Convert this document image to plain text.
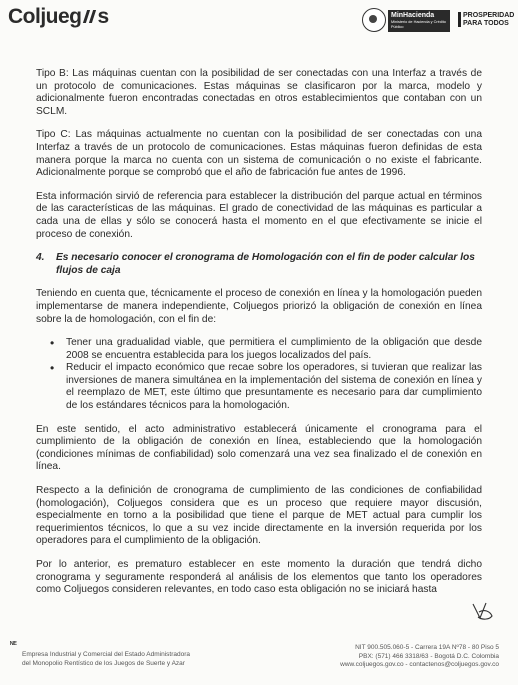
Coljueg s	MinHacienda
Ministerio de Hacienda y Crédito Público
PROSPERIDAD
PARA TODOS

Tipo B: Las máquinas cuentan con la posibilidad de ser conectadas con una Interfaz a través de un protocolo de comunicaciones. Estas máquinas se clasificaron por la marca, modelo y adicionalmente fueron encontradas conectadas en otros establecimientos que contaban con un SCLM.

Tipo C: Las máquinas actualmente no cuentan con la posibilidad de ser conectadas con una Interfaz a través de un protocolo de comunicaciones. Estas máquinas fueron definidas de esta manera porque la marca no cuenta con un sistema de comunicación o no existe el fabricante. Adicionalmente porque se comprobó que el año de fabricación fue antes de 1996.

Esta información sirvió de referencia para establecer la distribución del parque actual en términos de las características de las máquinas. El grado de conectividad de las máquinas es particular a cada una de ellas y sólo se conocerá hasta el momento en el que efectivamente se inicie el proceso de conexión.

4.	Es necesario conocer el cronograma de Homologación con el fin de poder calcular los flujos de caja

Teniendo en cuenta que, técnicamente el proceso de conexión en línea y la homologación pueden implementarse de manera independiente, Coljuegos priorizó la obligación de conexión en línea sobre la de homologación, con el fin de:

• Tener una gradualidad viable, que permitiera el cumplimiento de la obligación que desde 2008 se encuentra establecida para los juegos localizados del país.
• Reducir el impacto económico que recae sobre los operadores, si tuvieran que realizar las inversiones de manera simultánea en la implementación del sistema de conexión en línea y el reemplazo de MET, este último que presuntamente es necesario para dar cumplimiento de los estándares técnicos para la homologación.

En este sentido, el acto administrativo establecerá únicamente el cronograma para el cumplimiento de la obligación de conexión en línea, estableciendo que la homologación (condiciones mínimas de confiabilidad) solo comenzará una vez sea finalizado el de conexión en línea.

Respecto a la definición de cronograma de cumplimiento de las condiciones de confiabilidad (homologación), Coljuegos considera que es un proceso que requiere mayor discusión, especialmente en torno a la posibilidad que tiene el parque de MET actual para cumplir los requerimientos técnicos, lo que a su vez incide directamente en la inversión requerida por los operadores para el cumplimiento de la obligación.

Por lo anterior, es prematuro establecer en este momento la duración que tendrá dicho cronograma y seguramente responderá al análisis de los elementos que tanto los operadores como Coljuegos consideren relevantes, en todo caso esta obligación no se iniciará hasta

ᴺᴱ
Empresa Industrial y Comercial del Estado Administradora
del Monopolio Rentístico de los Juegos de Suerte y Azar
NIT 900.505.060-5 - Carrera 19A Nº78 - 80 Piso 5
PBX: (571) 466 3318/63 - Bogotá D.C. Colombia
www.coljuegos.gov.co - contactenos@coljuegos.gov.co
